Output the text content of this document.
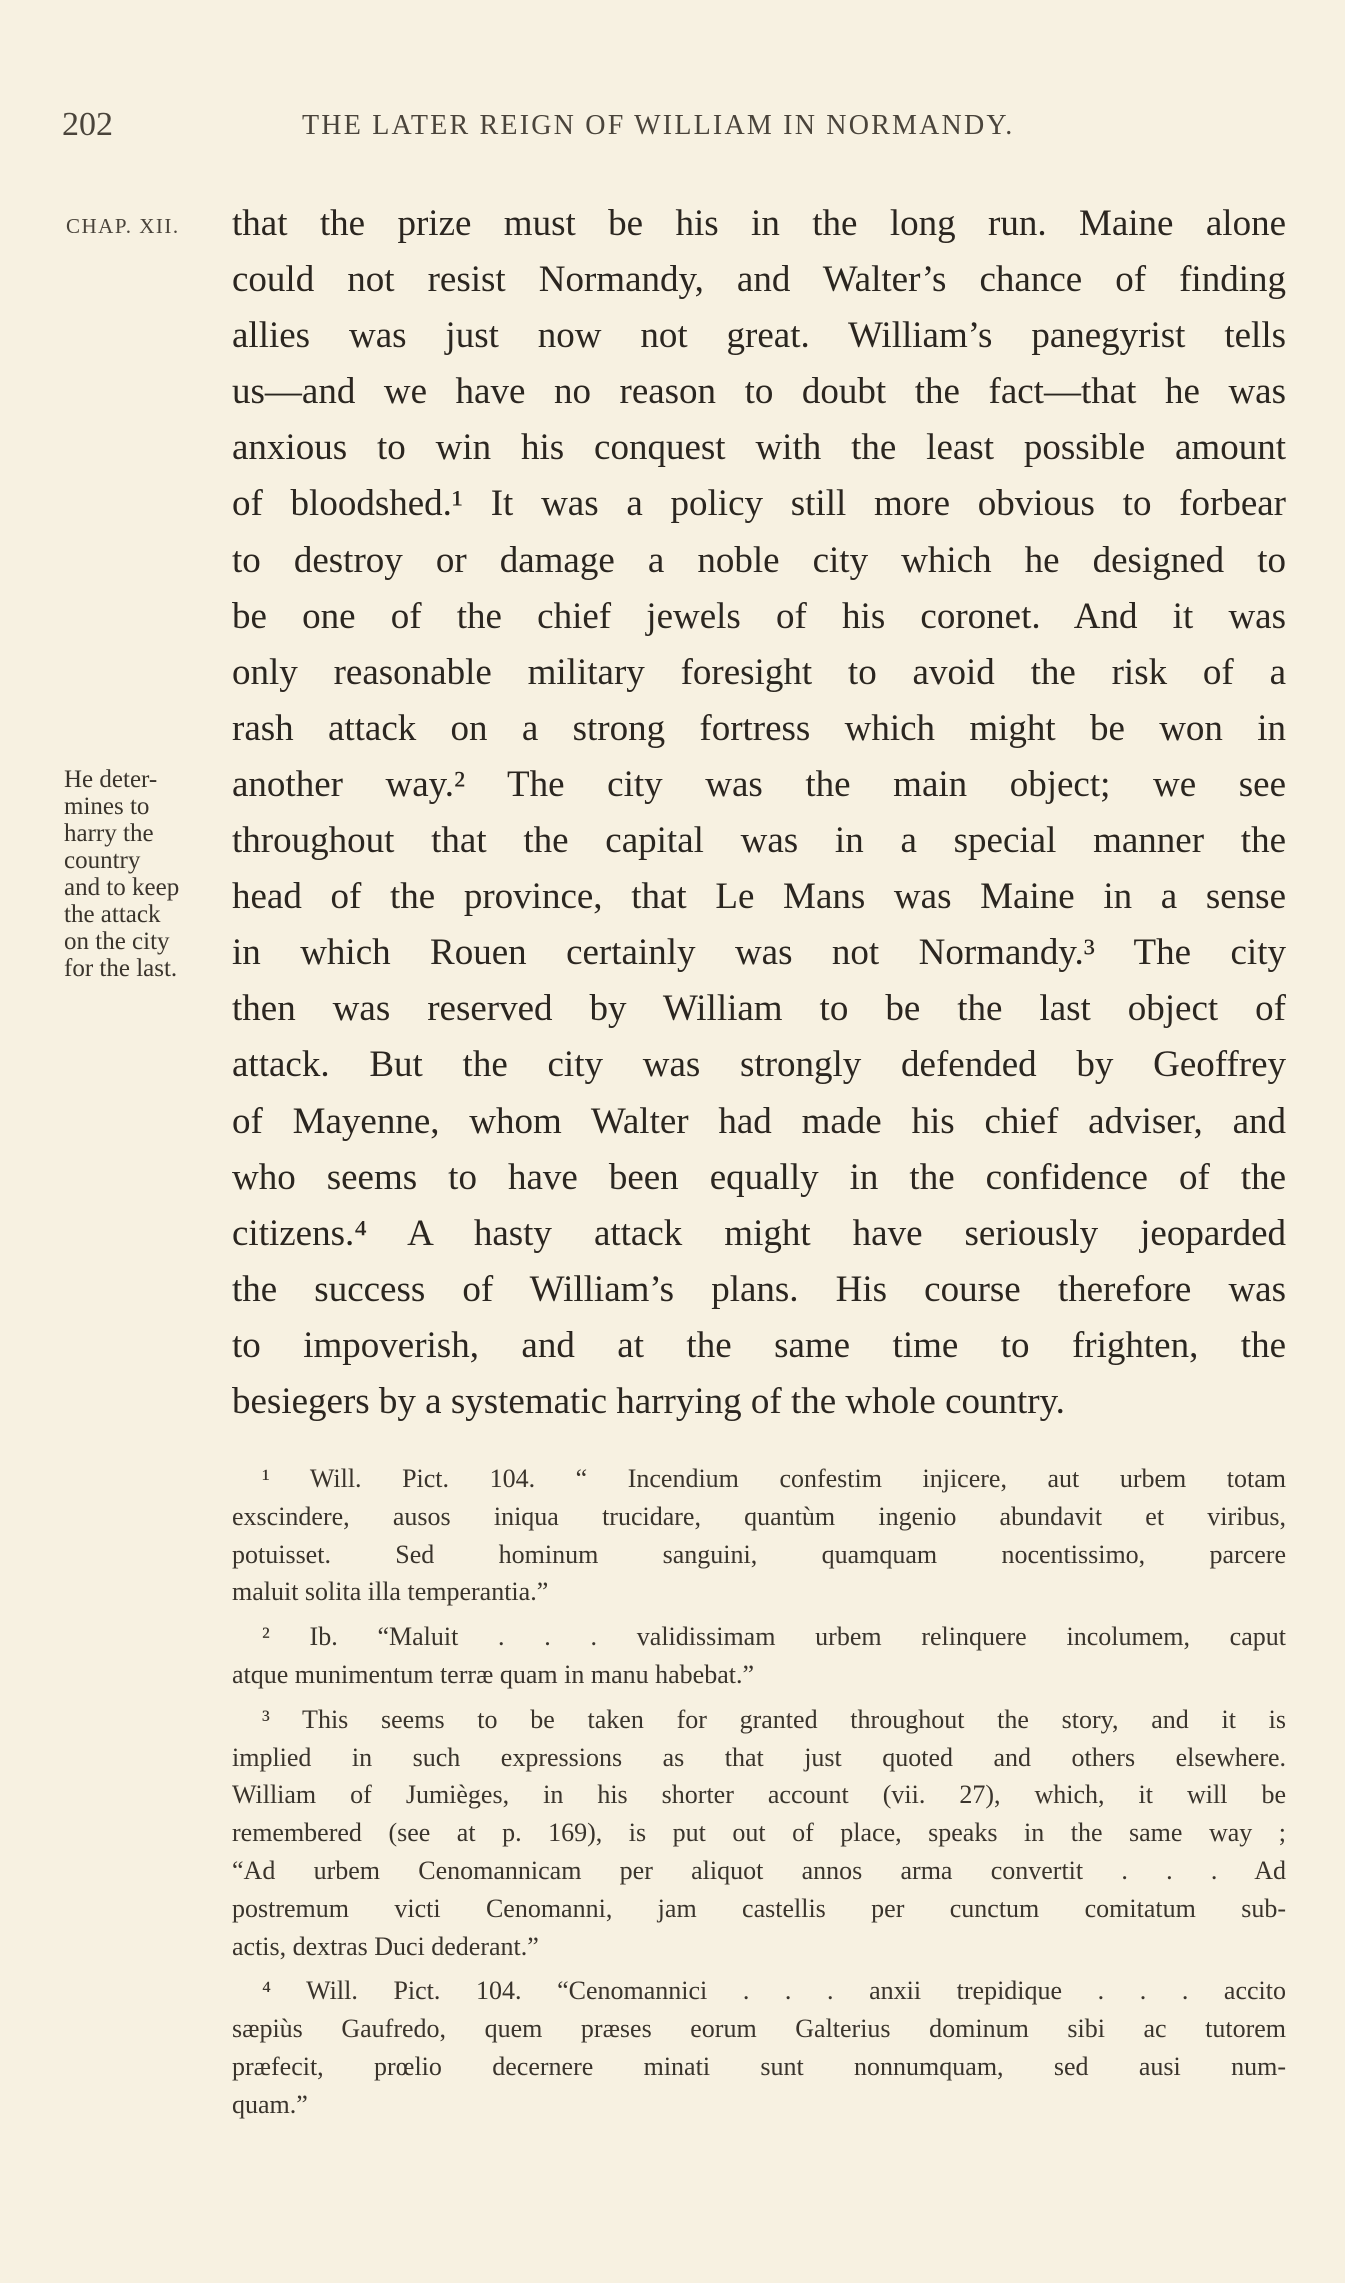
202	THE LATER REIGN OF WILLIAM IN NORMANDY.
CHAP. XII.
He deter-
mines to
harry the
country
and to keep
the attack
on the city
for the last.
that the prize must be his in the long run. Maine alone
could not resist Normandy, and Walter’s chance of finding
allies was just now not great. William’s panegyrist tells
us—and we have no reason to doubt the fact—that he was
anxious to win his conquest with the least possible amount
of bloodshed.¹ It was a policy still more obvious to forbear
to destroy or damage a noble city which he designed to
be one of the chief jewels of his coronet. And it was
only reasonable military foresight to avoid the risk of a
rash attack on a strong fortress which might be won in
another way.² The city was the main object; we see
throughout that the capital was in a special manner the
head of the province, that Le Mans was Maine in a sense
in which Rouen certainly was not Normandy.³ The city
then was reserved by William to be the last object of
attack. But the city was strongly defended by Geoffrey
of Mayenne, whom Walter had made his chief adviser, and
who seems to have been equally in the confidence of the
citizens.⁴ A hasty attack might have seriously jeoparded
the success of William’s plans. His course therefore was
to impoverish, and at the same time to frighten, the
besiegers by a systematic harrying of the whole country.
¹ Will. Pict. 104. “ Incendium confestim injicere, aut urbem totam
exscindere, ausos iniqua trucidare, quantùm ingenio abundavit et viribus,
potuisset. Sed hominum sanguini, quamquam nocentissimo, parcere
maluit solita illa temperantia.”
² Ib. “Maluit . . . validissimam urbem relinquere incolumem, caput
atque munimentum terræ quam in manu habebat.”
³ This seems to be taken for granted throughout the story, and it is
implied in such expressions as that just quoted and others elsewhere.
William of Jumièges, in his shorter account (vii. 27), which, it will be
remembered (see at p. 169), is put out of place, speaks in the same way ;
“Ad urbem Cenomannicam per aliquot annos arma convertit . . . Ad
postremum victi Cenomanni, jam castellis per cunctum comitatum sub-
actis, dextras Duci dederant.”
⁴ Will. Pict. 104. “Cenomannici . . . anxii trepidique . . . accito
sæpiùs Gaufredo, quem præses eorum Galterius dominum sibi ac tutorem
præfecit, prœlio decernere minati sunt nonnumquam, sed ausi num-
quam.”
